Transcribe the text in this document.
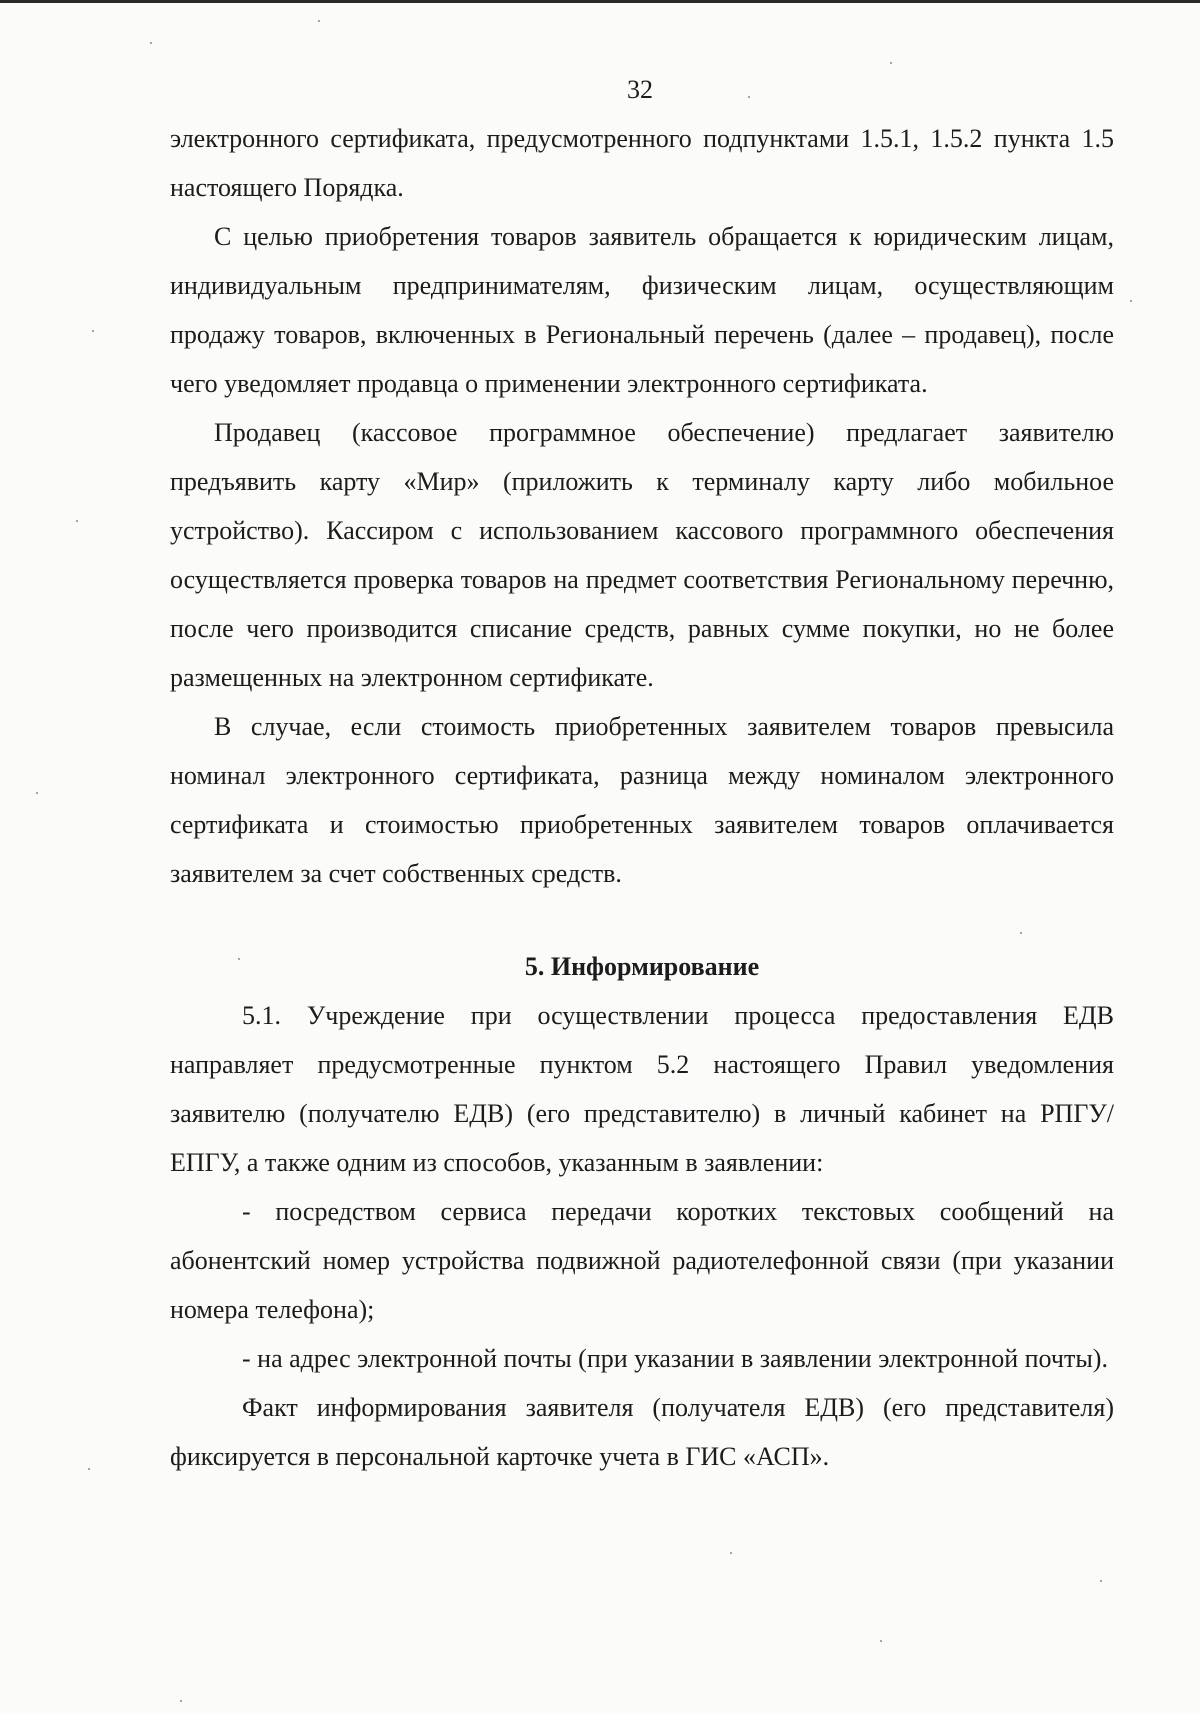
32

электронного сертификата, предусмотренного подпунктами 1.5.1, 1.5.2 пункта 1.5 настоящего Порядка.

С целью приобретения товаров заявитель обращается к юридическим лицам, индивидуальным предпринимателям, физическим лицам, осуществляющим продажу товаров, включенных в Региональный перечень (далее – продавец), после чего уведомляет продавца о применении электронного сертификата.

Продавец (кассовое программное обеспечение) предлагает заявителю предъявить карту «Мир» (приложить к терминалу карту либо мобильное устройство). Кассиром с использованием кассового программного обеспечения осуществляется проверка товаров на предмет соответствия Региональному перечню, после чего производится списание средств, равных сумме покупки, но не более размещенных на электронном сертификате.

В случае, если стоимость приобретенных заявителем товаров превысила номинал электронного сертификата, разница между номиналом электронного сертификата и стоимостью приобретенных заявителем товаров оплачивается заявителем за счет собственных средств.

5. Информирование

5.1. Учреждение при осуществлении процесса предоставления ЕДВ направляет предусмотренные пунктом 5.2 настоящего Правил уведомления заявителю (получателю ЕДВ) (его представителю) в личный кабинет на РПГУ/ЕПГУ, а также одним из способов, указанным в заявлении:

- посредством сервиса передачи коротких текстовых сообщений на абонентский номер устройства подвижной радиотелефонной связи (при указании номера телефона);

- на адрес электронной почты (при указании в заявлении электронной почты).

Факт информирования заявителя (получателя ЕДВ) (его представителя) фиксируется в персональной карточке учета в ГИС «АСП».
